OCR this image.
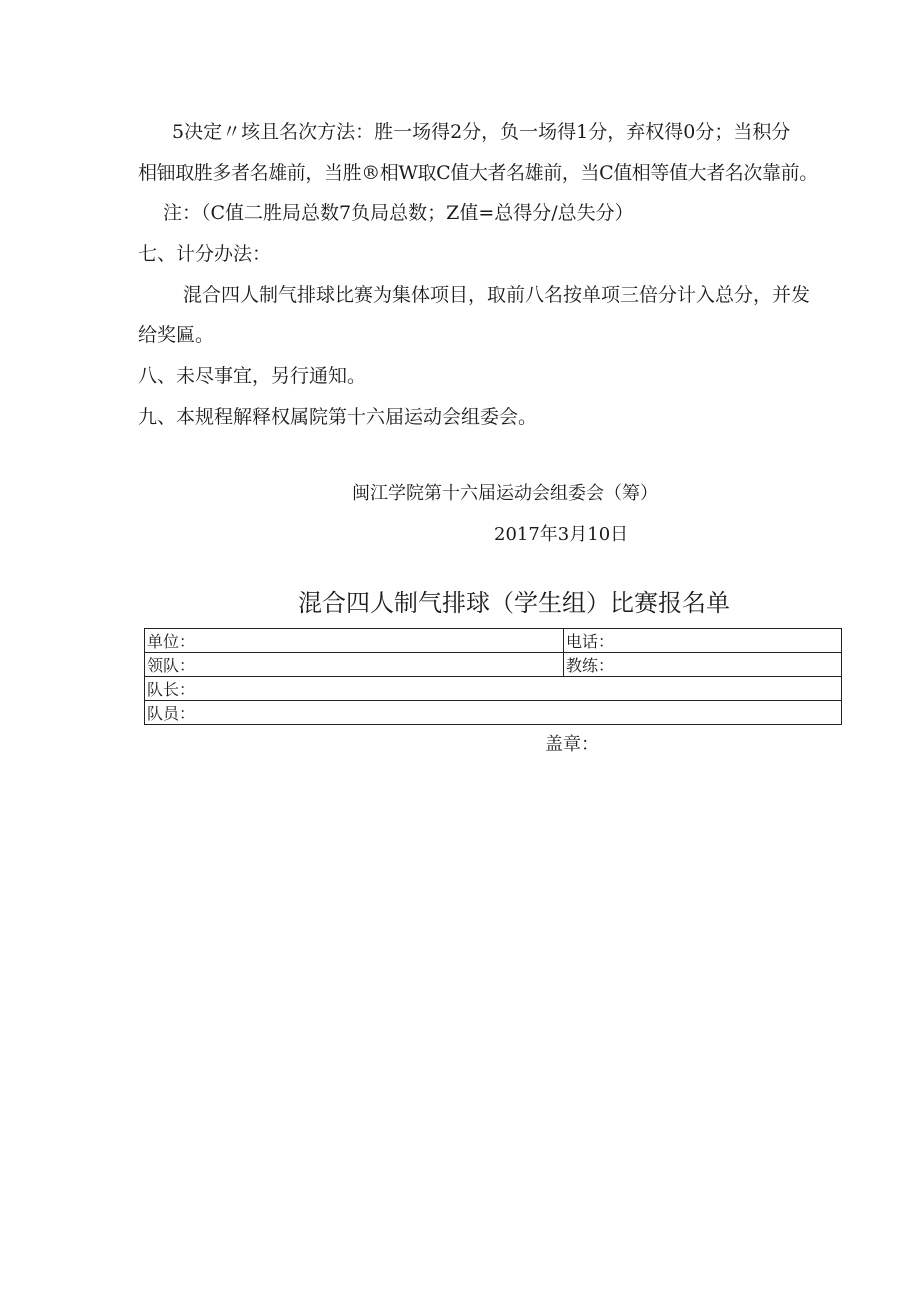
5决定〃垓且名次方法：胜一场得2分，负一场得1分，弃权得0分；当积分
相钿取胜多者名雄前，当胜®相W取C值大者名雄前，当C值相等值大者名次靠前。
注：（C值二胜局总数7负局总数；Z值=总得分/总失分）
七、计分办法：
混合四人制气排球比赛为集体项目，取前八名按单项三倍分计入总分，并发
给奖匾。
八、未尽事宜，另行通知。
九、本规程解释权属院第十六届运动会组委会。
闽江学院第十六届运动会组委会（筹）
2017年3月10日
混合四人制气排球（学生组）比赛报名单
单位：	电话：
领队：	教练：
队长：	
队员：	
盖章：
